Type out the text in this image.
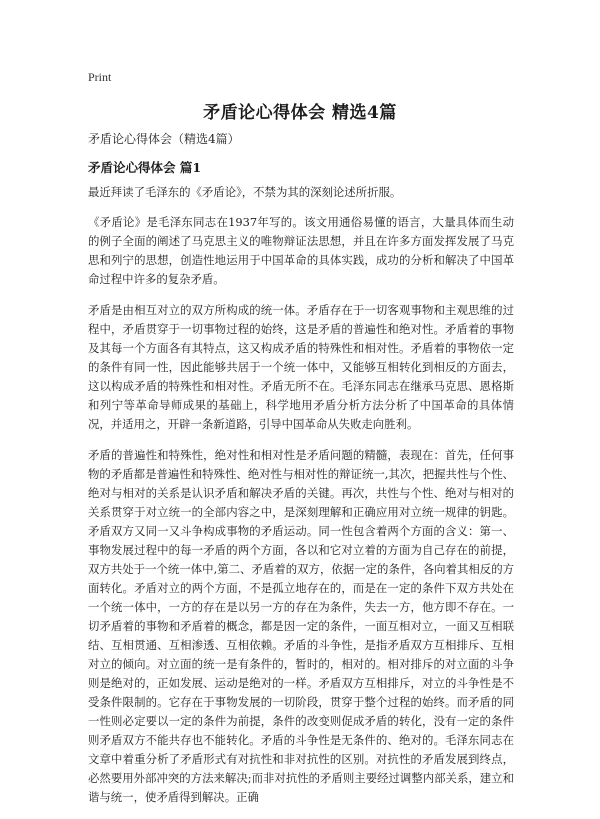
Print
矛盾论心得体会 精选4篇
矛盾论心得体会（精选4篇）
矛盾论心得体会 篇1

最近拜读了毛泽东的《矛盾论》，不禁为其的深刻论述所折服。

《矛盾论》是毛泽东同志在1937年写的。该文用通俗易懂的语言，大量具体而生动的例子全面的阐述了马克思主义的唯物辩证法思想，并且在许多方面发挥发展了马克思和列宁的思想，创造性地运用于中国革命的具体实践，成功的分析和解决了中国革命过程中许多的复杂矛盾。

矛盾是由相互对立的双方所构成的统一体。矛盾存在于一切客观事物和主观思维的过程中，矛盾贯穿于一切事物过程的始终，这是矛盾的普遍性和绝对性。矛盾着的事物及其每一个方面各有其特点，这又构成矛盾的特殊性和相对性。矛盾着的事物依一定的条件有同一性，因此能够共居于一个统一体中，又能够互相转化到相反的方面去，这以构成矛盾的特殊性和相对性。矛盾无所不在。毛泽东同志在继承马克思、恩格斯和列宁等革命导师成果的基础上，科学地用矛盾分析方法分析了中国革命的具体情况，并适用之，开辟一条新道路，引导中国革命从失败走向胜利。

矛盾的普遍性和特殊性，绝对性和相对性是矛盾问题的精髓，表现在：首先，任何事物的矛盾都是普遍性和特殊性、绝对性与相对性的辩证统一,其次，把握共性与个性、绝对与相对的关系是认识矛盾和解决矛盾的关键。再次，共性与个性、绝对与相对的关系贯穿于对立统一的全部内容之中，是深刻理解和正确应用对立统一规律的钥匙。矛盾双方又同一又斗争构成事物的矛盾运动。同一性包含着两个方面的含义：第一、事物发展过程中的每一矛盾的两个方面，各以和它对立着的方面为自己存在的前提，双方共处于一个统一体中,第二、矛盾着的双方，依据一定的条件，各向着其相反的方面转化。矛盾对立的两个方面，不是孤立地存在的，而是在一定的条件下双方共处在一个统一体中，一方的存在是以另一方的存在为条件，失去一方，他方即不存在。一切矛盾着的事物和矛盾着的概念，都是因一定的条件，一面互相对立，一面又互相联结、互相贯通、互相渗透、互相依赖。矛盾的斗争性，是指矛盾双方互相排斥、互相对立的倾向。对立面的统一是有条件的，暂时的，相对的。相对排斥的对立面的斗争则是绝对的，正如发展、运动是绝对的一样。矛盾双方互相排斥，对立的斗争性是不受条件限制的。它存在于事物发展的一切阶段，贯穿于整个过程的始终。而矛盾的同一性则必定要以一定的条件为前提，条件的改变则促成矛盾的转化，没有一定的条件则矛盾双方不能共存也不能转化。矛盾的斗争性是无条件的、绝对的。毛泽东同志在文章中着重分析了矛盾形式有对抗性和非对抗性的区别。对抗性的矛盾发展到终点，必然要用外部冲突的方法来解决;而非对抗性的矛盾则主要经过调整内部关系，建立和谐与统一，使矛盾得到解决。正确
